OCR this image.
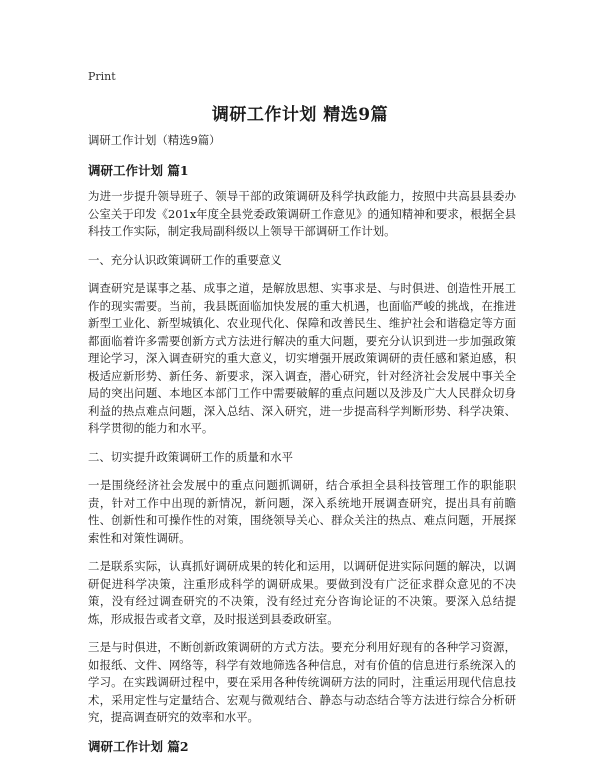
Print
调研工作计划 精选9篇

调研工作计划（精选9篇）

调研工作计划 篇1

为进一步提升领导班子、领导干部的政策调研及科学执政能力，按照中共高县县委办公室关于印发《201x年度全县党委政策调研工作意见》的通知精神和要求，根据全县科技工作实际，制定我局副科级以上领导干部调研工作计划。

一、充分认识政策调研工作的重要意义

调查研究是谋事之基、成事之道，是解放思想、实事求是、与时俱进、创造性开展工作的现实需要。当前，我县既面临加快发展的重大机遇，也面临严峻的挑战，在推进新型工业化、新型城镇化、农业现代化、保障和改善民生、维护社会和谐稳定等方面都面临着许多需要创新方式方法进行解决的重大问题，要充分认识到进一步加强政策理论学习，深入调查研究的重大意义，切实增强开展政策调研的责任感和紧迫感，积极适应新形势、新任务、新要求，深入调查，潜心研究，针对经济社会发展中事关全局的突出问题、本地区本部门工作中需要破解的重点问题以及涉及广大人民群众切身利益的热点难点问题，深入总结、深入研究，进一步提高科学判断形势、科学决策、科学贯彻的能力和水平。

二、切实提升政策调研工作的质量和水平

一是围绕经济社会发展中的重点问题抓调研，结合承担全县科技管理工作的职能职责，针对工作中出现的新情况，新问题，深入系统地开展调查研究，提出具有前瞻性、创新性和可操作性的对策，围绕领导关心、群众关注的热点、难点问题，开展探索性和对策性调研。

二是联系实际，认真抓好调研成果的转化和运用，以调研促进实际问题的解决，以调研促进科学决策，注重形成科学的调研成果。要做到没有广泛征求群众意见的不决策，没有经过调查研究的不决策，没有经过充分咨询论证的不决策。要深入总结提炼，形成报告或者文章，及时报送到县委政研室。

三是与时俱进，不断创新政策调研的方式方法。要充分利用好现有的各种学习资源，如报纸、文件、网络等，科学有效地筛选各种信息，对有价值的信息进行系统深入的学习。在实践调研过程中，要在采用各种传统调研方法的同时，注重运用现代信息技术，采用定性与定量结合、宏观与微观结合、静态与动态结合等方法进行综合分析研究，提高调查研究的效率和水平。

调研工作计划 篇2
